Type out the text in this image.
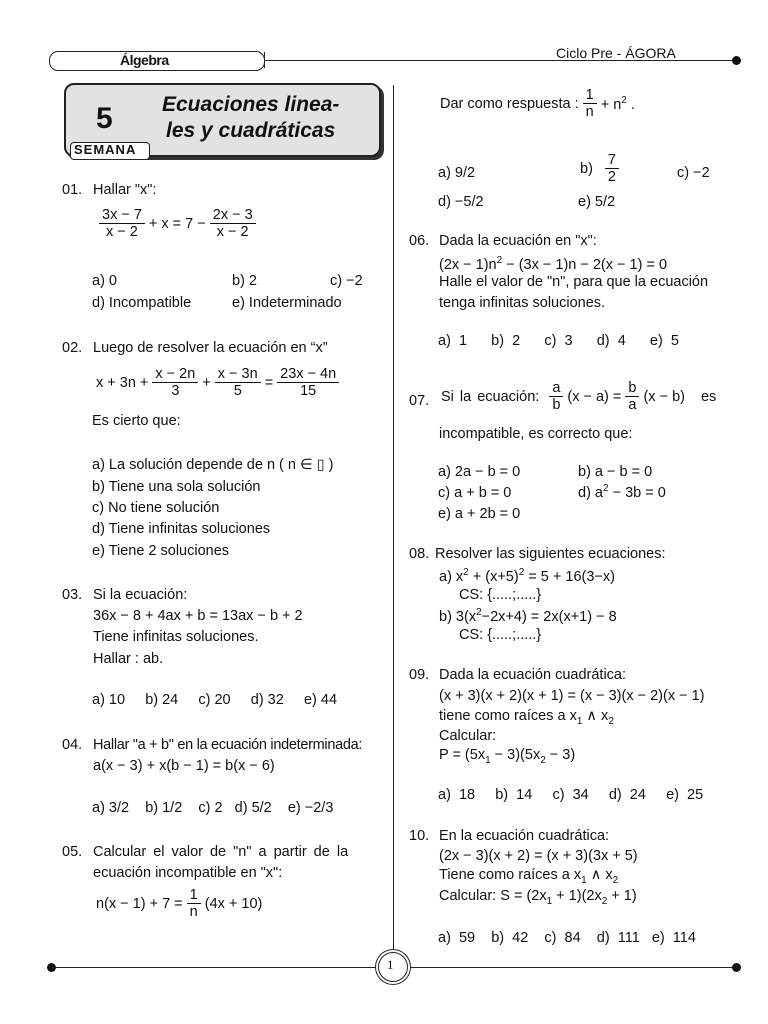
Álgebra	Ciclo Pre - ÁGORA
5
SEMANA
Ecuaciones linea-
les y cuadráticas
01. Hallar "x":
$\frac{3x - 7}{x - 2} + x = 7 - \frac{2x - 3}{x - 2}$
a) 0	b) 2	c) −2
d) Incompatible	e) Indeterminado
02. Luego de resolver la ecuación en “x”
$x + 3n + \frac{x - 2n}{3} + \frac{x - 3n}{5} = \frac{23x - 4n}{15}$
Es cierto que:
a) La solución depende de n ( n ∈ ▯ )
b) Tiene una sola solución
c) No tiene solución
d) Tiene infinitas soluciones
e) Tiene 2 soluciones
03. Si la ecuación:
36x − 8 + 4ax + b = 13ax − b + 2
Tiene infinitas soluciones.
Hallar : ab.
a) 10     b) 24     c) 20     d) 32     e) 44
04. Hallar "a + b" en la ecuación indeterminada:
a(x − 3) + x(b − 1) = b(x − 6)
a) 3/2    b) 1/2    c) 2   d) 5/2    e) −2/3
05. Calcular el valor de "n" a partir de la
ecuación incompatible en "x":
$n(x - 1) + 7 = \frac{1}{n} (4x + 10)$
Dar como respuesta : $\frac{1}{n} + n^2$ .
a) 9/2	$b) \frac{7}{2}$	c) −2
d) −5/2	e) 5/2
06. Dada la ecuación en "x":
$(2x - 1)n^2 - (3x - 1)n - 2(x - 1) = 0$
Halle el valor de "n", para que la ecuación
tenga infinitas soluciones.
a)  1      b)  2      c)  3      d)  4      e)  5
07. Si la ecuación: $\frac{a}{b} (x - a) = \frac{b}{a} (x - b)$ es
incompatible, es correcto que:
a) 2a − b = 0	b) a − b = 0
c) a + b = 0	d) $a^2 - 3b = 0$
e) a + 2b = 0
08. Resolver las siguientes ecuaciones:
a) $x^2 + (x+5)^2 = 5 + 16(3-x)$
CS: {.....;.....}
b) $3(x^2-2x+4) = 2x(x+1) - 8$
CS: {.....;.....}
09. Dada la ecuación cuadrática:
(x + 3)(x + 2)(x + 1) = (x − 3)(x − 2)(x − 1)
tiene como raíces a $x_1$ ∧ $x_2$
Calcular:
$P = (5x_1 - 3)(5x_2 - 3)$
a)  18     b)  14     c)  34     d)  24     e)  25
10. En la ecuación cuadrática:
(2x − 3)(x + 2) = (x + 3)(3x + 5)
Tiene como raíces a $x_1$ ∧ $x_2$
Calcular: $S = (2x_1 + 1)(2x_2 + 1)$
a)  59    b)  42    c)  84    d)  111   e)  114
1
